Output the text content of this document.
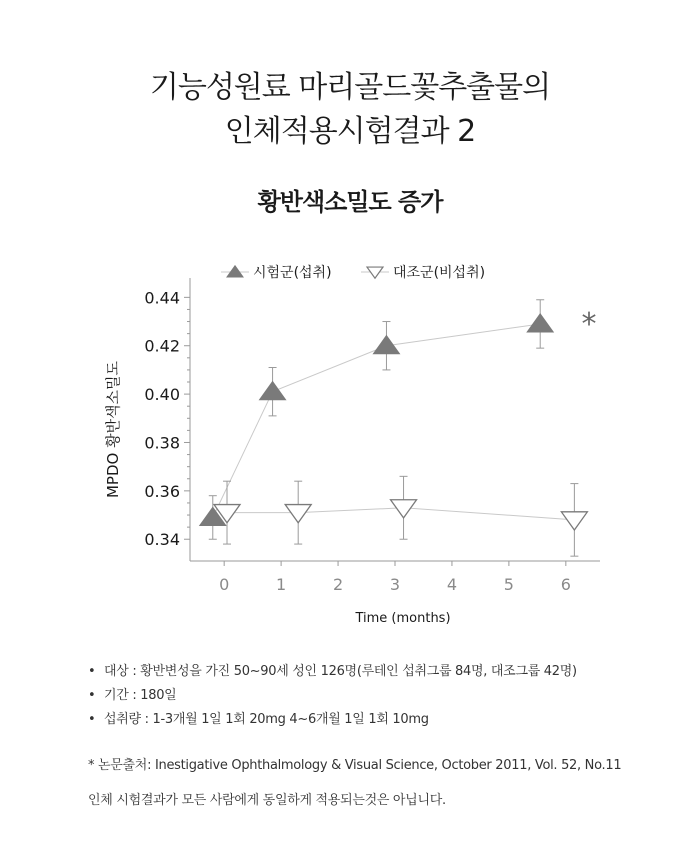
기능성원료 마리골드꽃추출물의
인체적용시험결과 2
황반색소밀도 증가
시험군(섭취)	대조군(비섭취)
0.34
0.36
0.38
0.40
0.42
0.44
0	1	2	3	4	5	6
Time (months)
MPDO 황반색소밀도
*
• 대상 : 황반변성을 가진 50~90세 성인 126명(루테인 섭취그룹 84명, 대조그룹 42명)
• 기간 : 180일
• 섭취량 : 1-3개월 1일 1회 20mg 4~6개월 1일 1회 10mg
* 논문출처: Inestigative Ophthalmology & Visual Science, October 2011, Vol. 52, No.11
인체 시험결과가 모든 사람에게 동일하게 적용되는것은 아닙니다.
